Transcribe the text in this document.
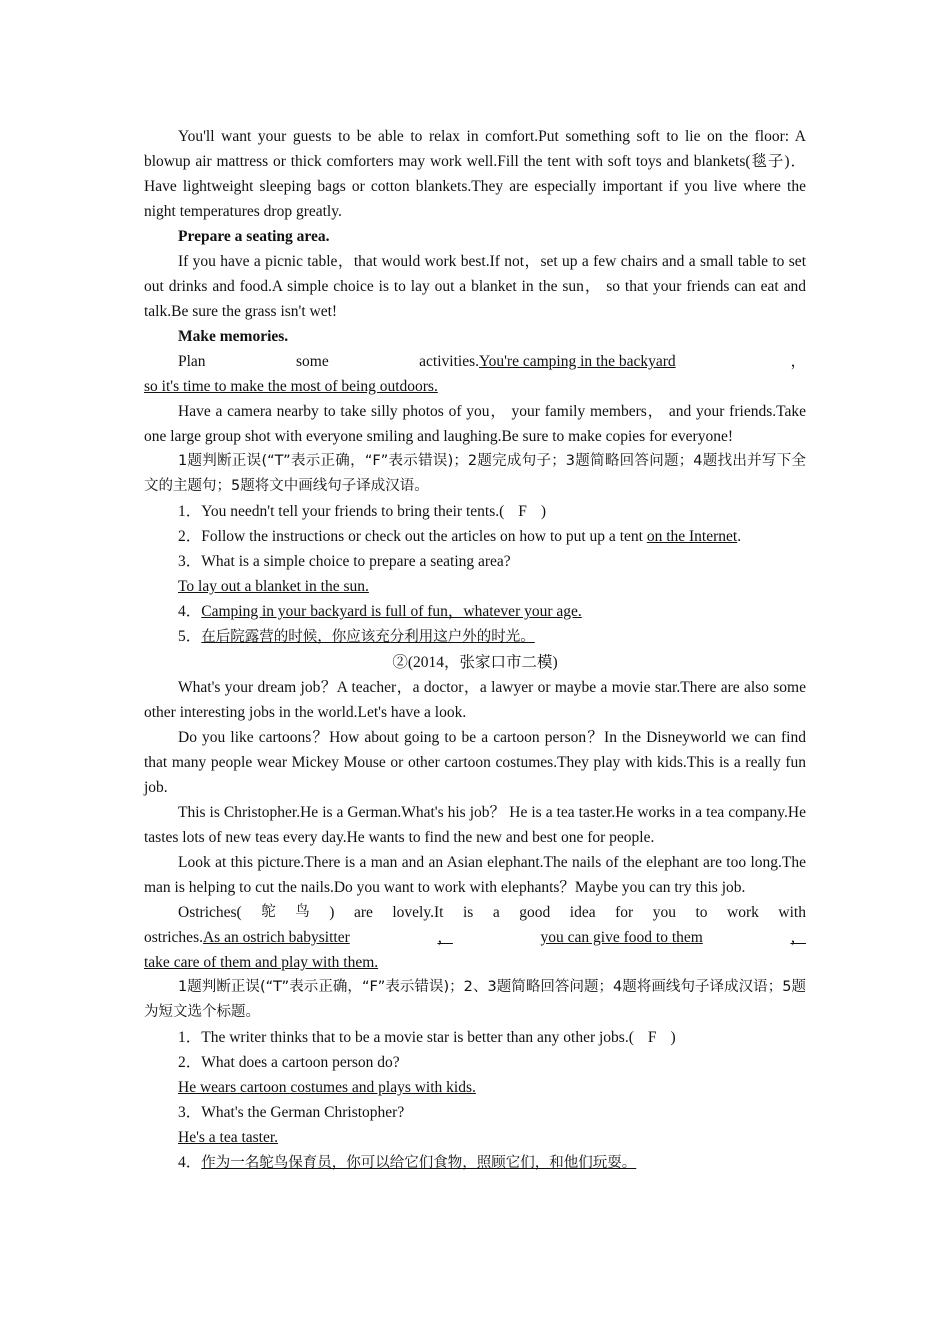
You'll want your guests to be able to relax in comfort.Put something soft to lie on the floor: A blowup air mattress or thick comforters may work well.Fill the tent with soft toys and blankets(毯子)．Have lightweight sleeping bags or cotton blankets.They are especially important if you live where the night temperatures drop greatly.

Prepare a seating area.

If you have a picnic table，that would work best.If not，set up a few chairs and a small table to set out drinks and food.A simple choice is to lay out a blanket in the sun， so that your friends can eat and talk.Be sure the grass isn't wet!

Make memories.

Plan	some	activities.You're camping in the backyard	，

so it's time to make the most of being outdoors.

Have a camera nearby to take silly photos of you， your family members， and your friends.Take one large group shot with everyone smiling and laughing.Be sure to make copies for everyone!

1题判断正误(“T”表示正确，“F”表示错误)；2题完成句子；3题简略回答问题；4题找出并写下全文的主题句；5题将文中画线句子译成汉语。

1．You needn't tell your friends to bring their tents.( F )

2．Follow the instructions or check out the articles on how to put up a tent on the Internet.

3．What is a simple choice to prepare a seating area?

To lay out a blanket in the sun.

4．Camping in your backyard is full of fun，whatever your age.

5．在后院露营的时候，你应该充分利用这户外的时光。

②(2014，张家口市二模)

What's your dream job？A teacher，a doctor，a lawyer or maybe a movie star.There are also some other interesting jobs in the world.Let's have a look.

Do you like cartoons？How about going to be a cartoon person？In the Disneyworld we can find that many people wear Mickey Mouse or other cartoon costumes.They play with kids.This is a really fun job.

This is Christopher.He is a German.What's his job？ He is a tea taster.He works in a tea company.He tastes lots of new teas every day.He wants to find the new and best one for people.

Look at this picture.There is a man and an Asian elephant.The nails of the elephant are too long.The man is helping to cut the nails.Do you want to work with elephants？Maybe you can try this job.

Ostriches( 鸵 鸟 ) are lovely.It is a good idea for you to work with
ostriches. As an ostrich babysitter	，	you can give food to them	，

take care of them and play with them.

1题判断正误(“T”表示正确，“F”表示错误)；2、3题简略回答问题；4题将画线句子译成汉语；5题为短文选个标题。

1．The writer thinks that to be a movie star is better than any other jobs.( F )

2．What does a cartoon person do?

He wears cartoon costumes and plays with kids.

3．What's the German Christopher?

He's a tea taster.

4．作为一名鸵鸟保育员，你可以给它们食物，照顾它们，和他们玩耍。
